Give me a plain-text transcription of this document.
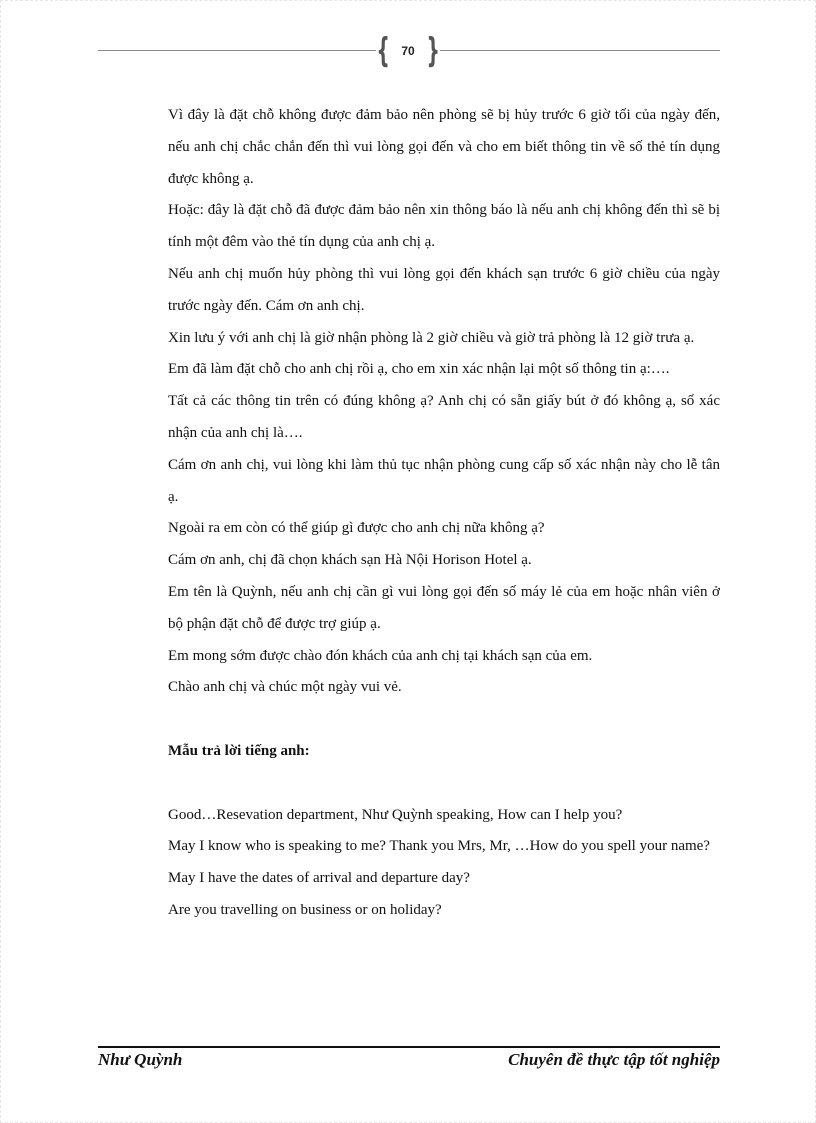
{ 70 }

Vì đây là đặt chỗ không được đảm bảo nên phòng sẽ bị hủy trước 6 giờ tối của ngày đến, nếu anh chị chắc chắn đến thì vui lòng gọi đến và cho em biết thông tin về số thẻ tín dụng được không ạ.

Hoặc: đây là đặt chỗ đã được đảm bảo nên xin thông báo là nếu anh chị không đến thì sẽ bị tính một đêm vào thẻ tín dụng của anh chị ạ.

Nếu anh chị muốn hủy phòng thì vui lòng gọi đến khách sạn trước 6 giờ chiều của ngày trước ngày đến. Cám ơn anh chị.

Xin lưu ý với anh chị là giờ nhận phòng là 2 giờ chiều và giờ trả phòng là 12 giờ trưa ạ.

Em đã làm đặt chỗ cho anh chị rồi ạ, cho em xin xác nhận lại một số thông tin ạ:….

Tất cả các thông tin trên có đúng không ạ? Anh chị có sẵn giấy bút ở đó không ạ, số xác nhận của anh chị là….

Cám ơn anh chị, vui lòng khi làm thủ tục nhận phòng cung cấp số xác nhận này cho lễ tân ạ.

Ngoài ra em còn có thể giúp gì được cho anh chị nữa không ạ?

Cám ơn anh, chị đã chọn khách sạn Hà Nội Horison Hotel ạ.

Em tên là Quỳnh, nếu anh chị cần gì vui lòng gọi đến số máy lẻ của em hoặc nhân viên ở bộ phận đặt chỗ để được trợ giúp ạ.

Em mong sớm được chào đón khách của anh chị tại khách sạn của em.

Chào anh chị và chúc một ngày vui vẻ.

Mẫu trả lời tiếng anh:

Good…Resevation department, Như Quỳnh speaking, How can I help you?

May I know who is speaking to me? Thank you Mrs, Mr, …How do you spell your name?

May I have the dates of arrival and departure day?

Are you travelling on business or on holiday?

Như Quỳnh	Chuyên đề thực tập tốt nghiệp
